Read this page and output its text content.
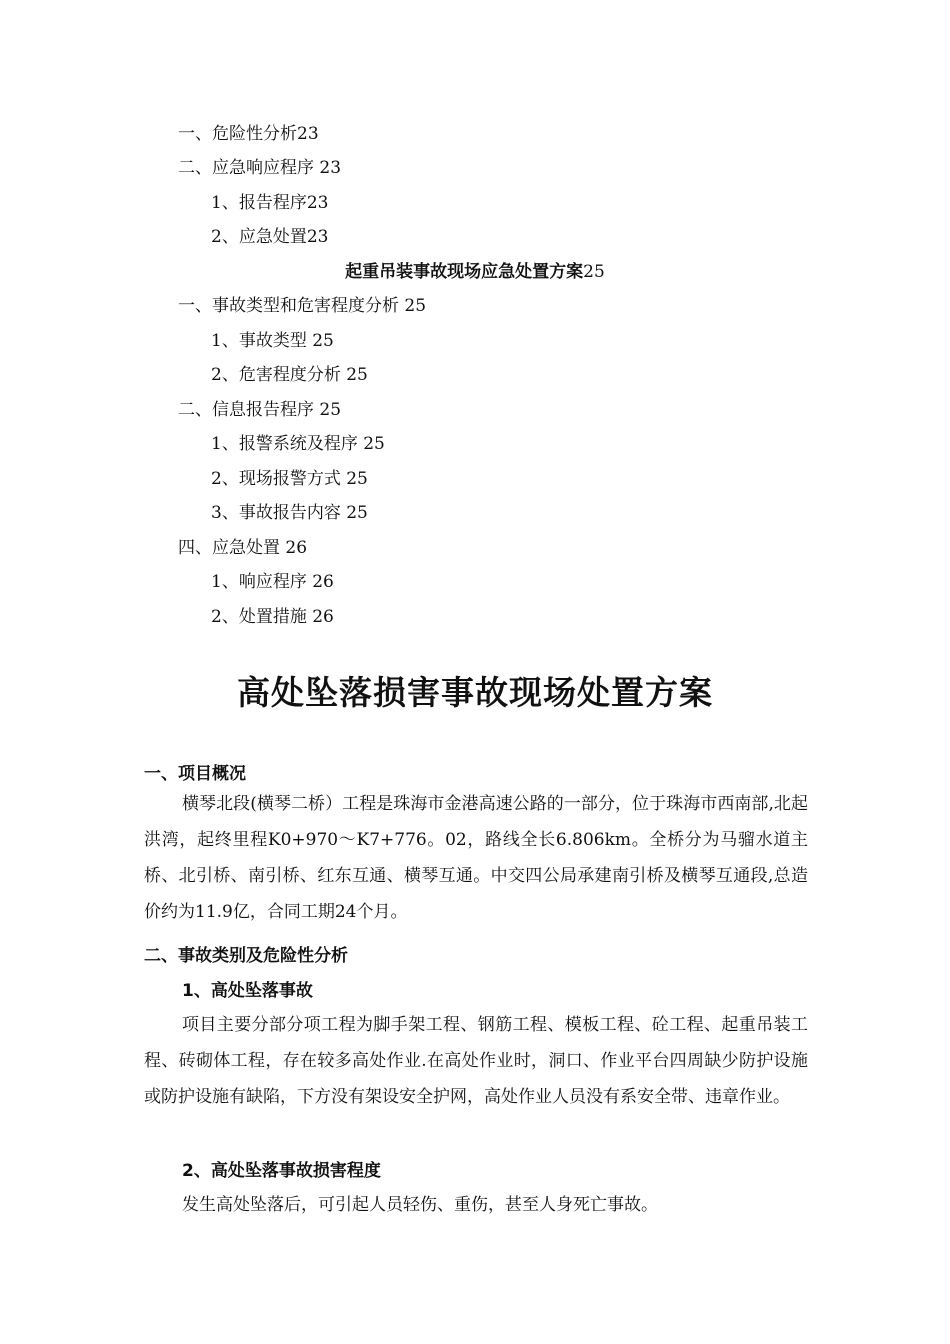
一、危险性分析23
二、应急响应程序 23
1、报告程序23
2、应急处置23
起重吊装事故现场应急处置方案25
一、事故类型和危害程度分析 25
1、事故类型 25
2、危害程度分析 25
二、信息报告程序 25
1、报警系统及程序 25
2、现场报警方式 25
3、事故报告内容 25
四、应急处置 26
1、响应程序 26
2、处置措施 26
高处坠落损害事故现场处置方案
一、项目概况
横琴北段(横琴二桥）工程是珠海市金港高速公路的一部分，位于珠海市西南部,北起洪湾，起终里程K0+970～K7+776。02，路线全长6.806km。全桥分为马骝水道主桥、北引桥、南引桥、红东互通、横琴互通。中交四公局承建南引桥及横琴互通段,总造价约为11.9亿，合同工期24个月。
二、事故类别及危险性分析
1、高处坠落事故
项目主要分部分项工程为脚手架工程、钢筋工程、模板工程、砼工程、起重吊装工程、砖砌体工程，存在较多高处作业.在高处作业时，洞口、作业平台四周缺少防护设施或防护设施有缺陷，下方没有架设安全护网，高处作业人员没有系安全带、违章作业。
2、高处坠落事故损害程度
发生高处坠落后，可引起人员轻伤、重伤，甚至人身死亡事故。
